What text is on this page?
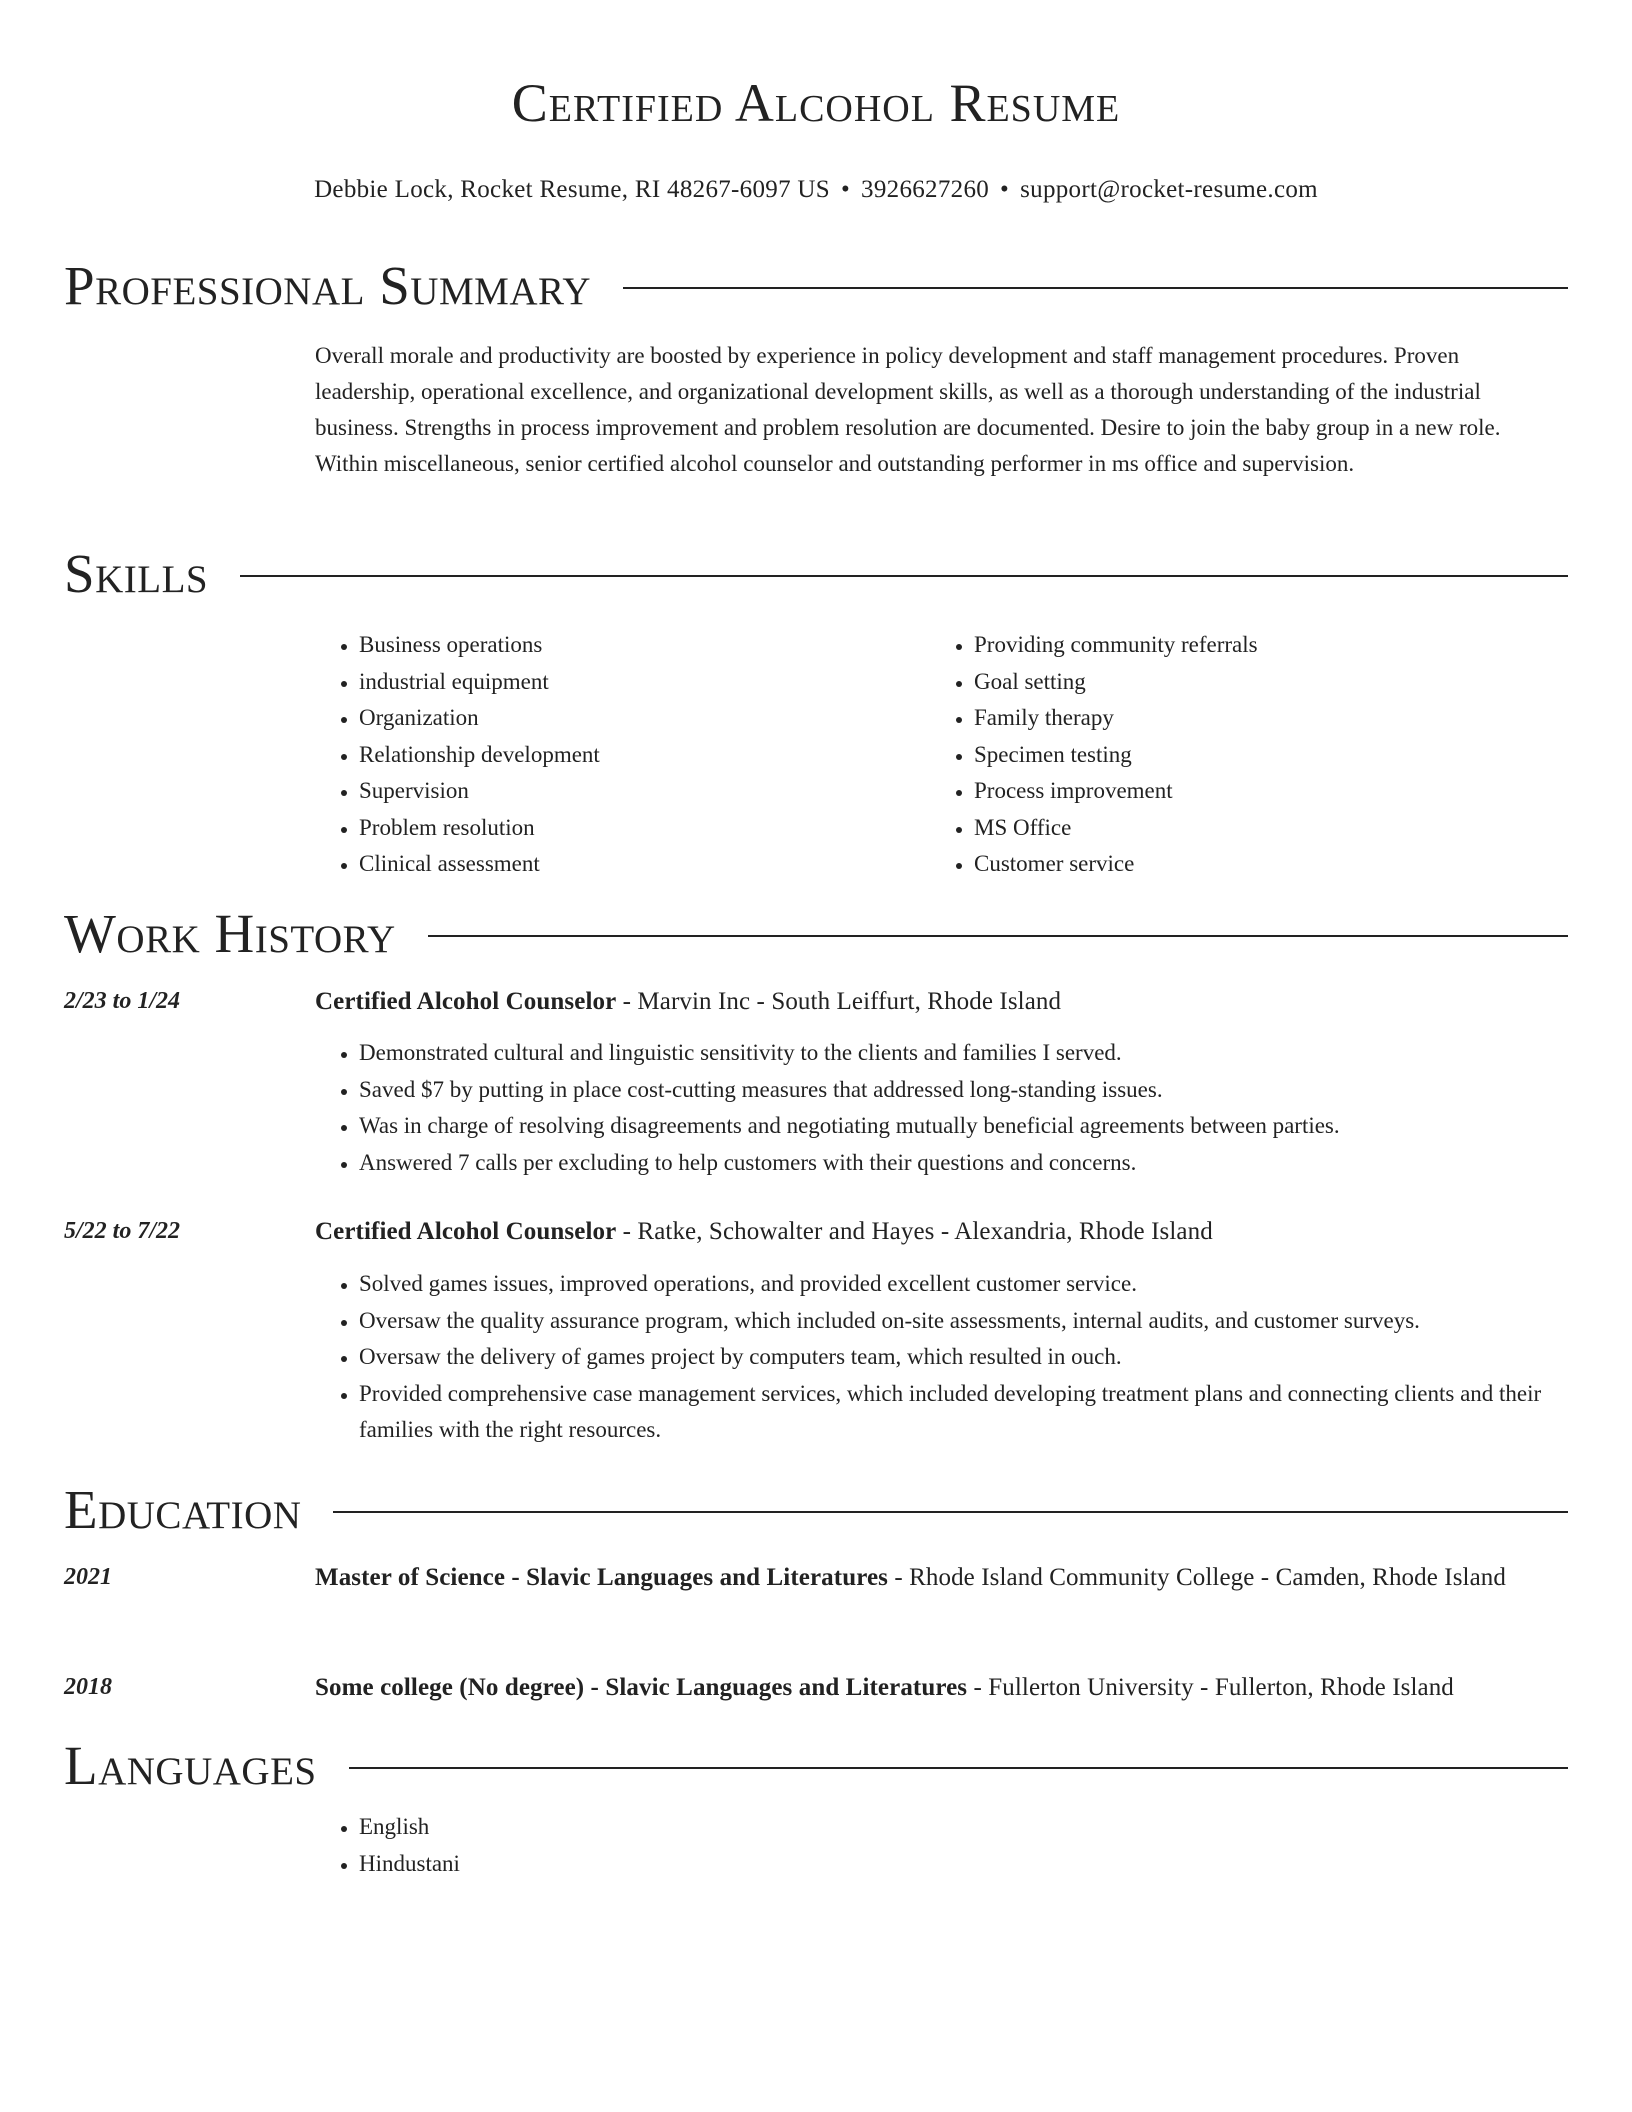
Certified Alcohol Resume
Debbie Lock, Rocket Resume, RI 48267-6097 US • 3926627260 • support@rocket-resume.com
Professional Summary

Overall morale and productivity are boosted by experience in policy development and staff management procedures. Proven leadership, operational excellence, and organizational development skills, as well as a thorough understanding of the industrial business. Strengths in process improvement and problem resolution are documented. Desire to join the baby group in a new role. Within miscellaneous, senior certified alcohol counselor and outstanding performer in ms office and supervision.

Skills
• Business operations
• industrial equipment
• Organization
• Relationship development
• Supervision
• Problem resolution
• Clinical assessment
• Providing community referrals
• Goal setting
• Family therapy
• Specimen testing
• Process improvement
• MS Office
• Customer service
Work History
2/23 to 1/24	Certified Alcohol Counselor - Marvin Inc - South Leiffurt, Rhode Island
• Demonstrated cultural and linguistic sensitivity to the clients and families I served.
• Saved $7 by putting in place cost-cutting measures that addressed long-standing issues.
• Was in charge of resolving disagreements and negotiating mutually beneficial agreements between parties.
• Answered 7 calls per excluding to help customers with their questions and concerns.
5/22 to 7/22	Certified Alcohol Counselor - Ratke, Schowalter and Hayes - Alexandria, Rhode Island
• Solved games issues, improved operations, and provided excellent customer service.
• Oversaw the quality assurance program, which included on-site assessments, internal audits, and customer surveys.
• Oversaw the delivery of games project by computers team, which resulted in ouch.
• Provided comprehensive case management services, which included developing treatment plans and connecting clients and their families with the right resources.
Education
2021	Master of Science - Slavic Languages and Literatures - Rhode Island Community College - Camden, Rhode Island
2018	Some college (No degree) - Slavic Languages and Literatures - Fullerton University - Fullerton, Rhode Island
Languages
• English
• Hindustani
